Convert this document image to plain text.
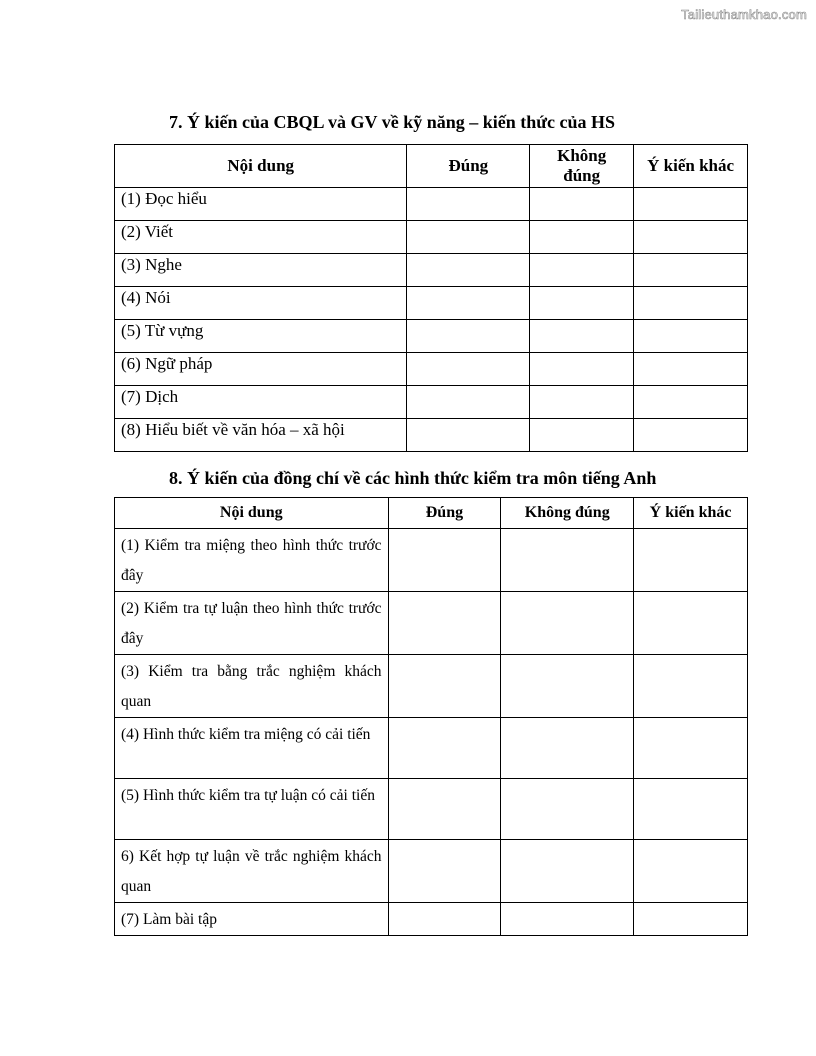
Tailieuthamkhao.com
7. Ý kiến của CBQL và GV về kỹ năng – kiến thức của HS
Nội dung	Đúng	Không đúng	Ý kiến khác
(1) Đọc hiểu			
(2) Viết			
(3) Nghe			
(4) Nói			
(5) Từ vựng			
(6) Ngữ pháp			
(7) Dịch			
(8) Hiểu biết về văn hóa – xã hội			
8. Ý kiến của đồng chí về các hình thức kiểm tra môn tiếng Anh
Nội dung	Đúng	Không đúng	Ý kiến khác
(1) Kiểm tra miệng theo hình thức trước đây			
(2) Kiểm tra tự luận theo hình thức trước đây			
(3) Kiểm tra bằng trắc nghiệm khách quan			
(4) Hình thức kiểm tra miệng có cải tiến			
(5) Hình thức kiểm tra tự luận có cải tiến			
6) Kết hợp tự luận về trắc nghiệm khách quan			
(7) Làm bài tập			
